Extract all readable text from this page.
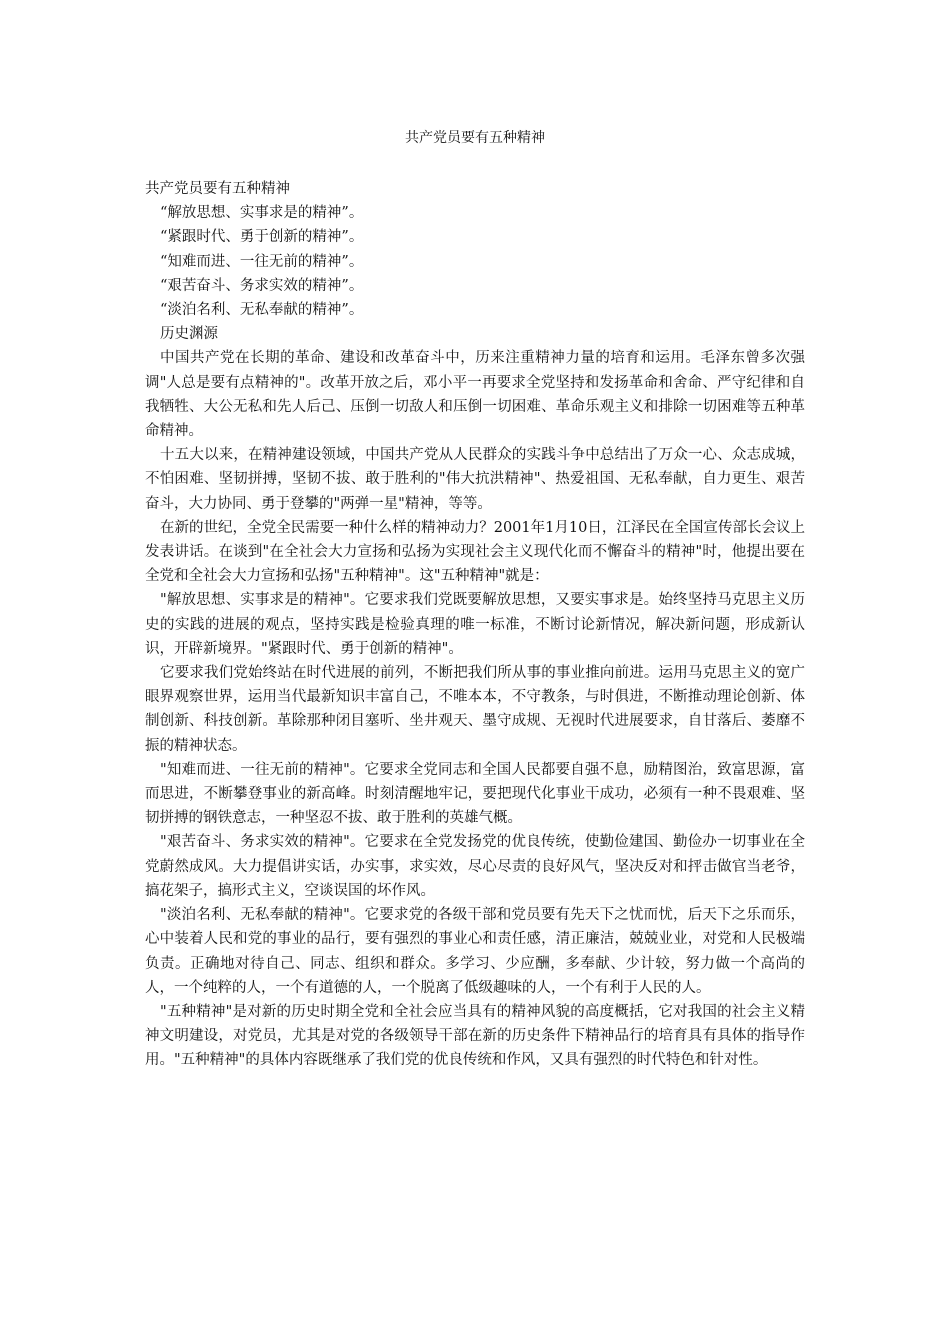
共产党员要有五种精神

共产党员要有五种精神

“解放思想、实事求是的精神”。

“紧跟时代、勇于创新的精神”。

“知难而进、一往无前的精神”。

“艰苦奋斗、务求实效的精神”。

“淡泊名利、无私奉献的精神”。

历史渊源

中国共产党在长期的革命、建设和改革奋斗中，历来注重精神力量的培育和运用。毛泽东曾多次强调"人总是要有点精神的"。改革开放之后，邓小平一再要求全党坚持和发扬革命和舍命、严守纪律和自我牺牲、大公无私和先人后己、压倒一切敌人和压倒一切困难、革命乐观主义和排除一切困难等五种革命精神。

十五大以来，在精神建设领域，中国共产党从人民群众的实践斗争中总结出了万众一心、众志成城，不怕困难、坚韧拼搏，坚韧不拔、敢于胜利的"伟大抗洪精神"、热爱祖国、无私奉献，自力更生、艰苦奋斗，大力协同、勇于登攀的"两弹一星"精神，等等。

在新的世纪，全党全民需要一种什么样的精神动力？2001年1月10日，江泽民在全国宣传部长会议上发表讲话。在谈到"在全社会大力宣扬和弘扬为实现社会主义现代化而不懈奋斗的精神"时，他提出要在全党和全社会大力宣扬和弘扬"五种精神"。这"五种精神"就是：

"解放思想、实事求是的精神"。它要求我们党既要解放思想，又要实事求是。始终坚持马克思主义历史的实践的进展的观点，坚持实践是检验真理的唯一标准，不断讨论新情况，解决新问题，形成新认识，开辟新境界。"紧跟时代、勇于创新的精神"。

它要求我们党始终站在时代进展的前列，不断把我们所从事的事业推向前进。运用马克思主义的宽广眼界观察世界，运用当代最新知识丰富自己，不唯本本，不守教条，与时俱进，不断推动理论创新、体制创新、科技创新。革除那种闭目塞听、坐井观天、墨守成规、无视时代进展要求，自甘落后、萎靡不振的精神状态。

"知难而进、一往无前的精神"。它要求全党同志和全国人民都要自强不息，励精图治，致富思源，富而思进，不断攀登事业的新高峰。时刻清醒地牢记，要把现代化事业干成功，必须有一种不畏艰难、坚韧拼搏的钢铁意志，一种坚忍不拔、敢于胜利的英雄气概。

"艰苦奋斗、务求实效的精神"。它要求在全党发扬党的优良传统，使勤俭建国、勤俭办一切事业在全党蔚然成风。大力提倡讲实话，办实事，求实效，尽心尽责的良好风气，坚决反对和抨击做官当老爷，搞花架子，搞形式主义，空谈误国的坏作风。

"淡泊名利、无私奉献的精神"。它要求党的各级干部和党员要有先天下之忧而忧，后天下之乐而乐，心中装着人民和党的事业的品行，要有强烈的事业心和责任感，清正廉洁，兢兢业业，对党和人民极端负责。正确地对待自己、同志、组织和群众。多学习、少应酬，多奉献、少计较，努力做一个高尚的人，一个纯粹的人，一个有道德的人，一个脱离了低级趣味的人，一个有利于人民的人。

"五种精神"是对新的历史时期全党和全社会应当具有的精神风貌的高度概括，它对我国的社会主义精神文明建设，对党员，尤其是对党的各级领导干部在新的历史条件下精神品行的培育具有具体的指导作用。"五种精神"的具体内容既继承了我们党的优良传统和作风，又具有强烈的时代特色和针对性。
